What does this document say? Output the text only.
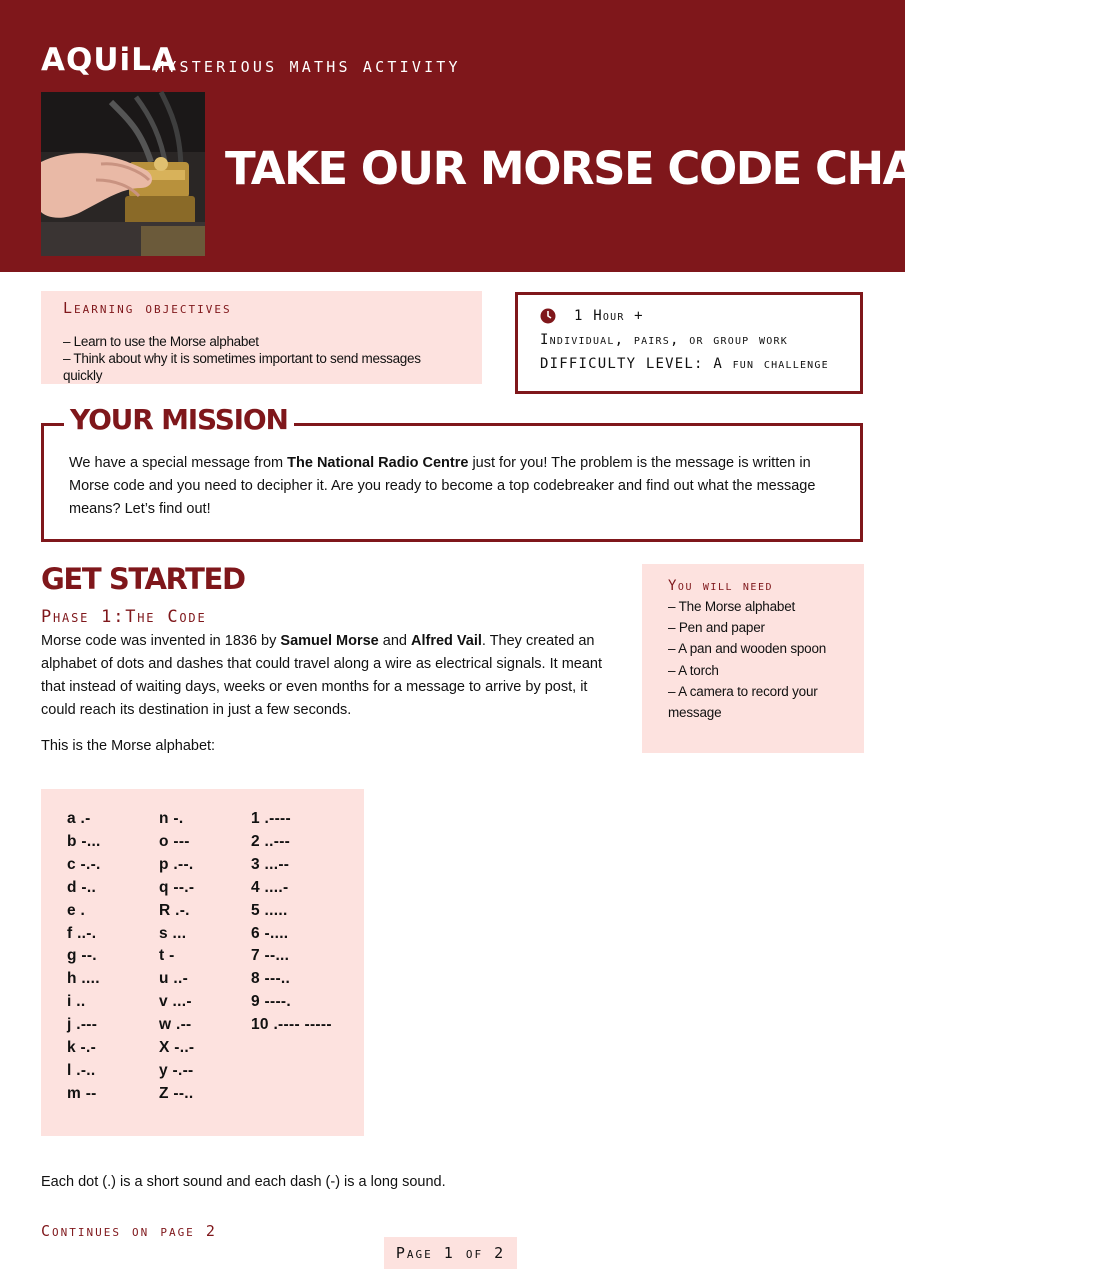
AQUiLA
MYSTERIOUS MATHS ACTIVITY
TAKE OUR MORSE CODE CHALLENGE!
Learning objectives
– Learn to use the Morse alphabet
– Think about why it is sometimes important to send messages quickly
1 Hour +
Individual, pairs, or group work
DIFFICULTY LEVEL: A fun challenge
YOUR MISSION

We have a special message from The National Radio Centre just for you! The problem is the message is written in Morse code and you need to decipher it. Are you ready to become a top codebreaker and find out what the message means? Let’s find out!

GET STARTED
Phase 1:The Code

Morse code was invented in 1836 by Samuel Morse and Alfred Vail. They created an alphabet of dots and dashes that could travel along a wire as electrical signals. It meant that instead of waiting days, weeks or even months for a message to arrive by post, it could reach its destination in just a few seconds.

This is the Morse alphabet:

You will need
– The Morse alphabet
– Pen and paper
– A pan and wooden spoon
– A torch
– A camera to record your message
a .-
b -...
c -.-.
d -..
e .
f ..-.
g --.
h ....
i ..
j .---
k -.-
l .-..
m --
n -.
o ---
p .--.
q --.-
R .-.
s ...
t -
u ..-
v ...-
w .--
X -..-
y -.--
Z --..
1 .----
2 ..---
3 ...--
4 ....-
5 .....
6 -....
7 --...
8 ---..
9 ----.
10 .---- -----

Each dot (.) is a short sound and each dash (-) is a long sound.

Continues on page 2
Page 1 of 2
